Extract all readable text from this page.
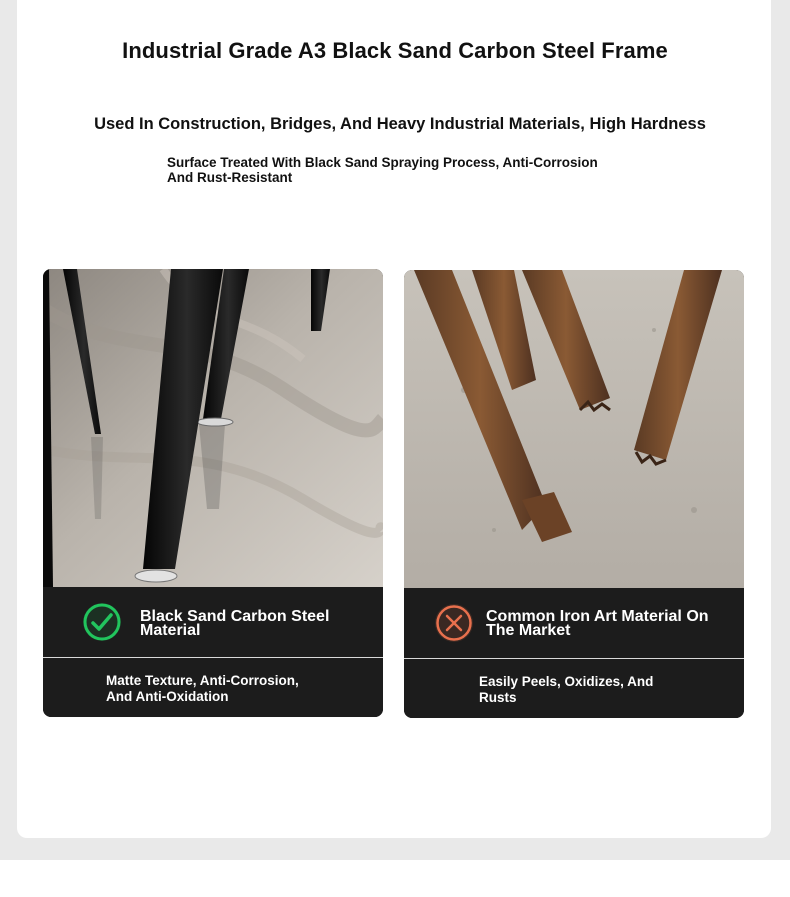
Industrial Grade A3 Black Sand Carbon Steel Frame
Used In Construction, Bridges, And Heavy Industrial Materials, High Hardness
Surface Treated With Black Sand Spraying Process, Anti-Corrosion And Rust-Resistant
Black Sand Carbon Steel Material
Matte Texture, Anti-Corrosion, And Anti-Oxidation
Common Iron Art Material On The Market
Easily Peels, Oxidizes, And Rusts
